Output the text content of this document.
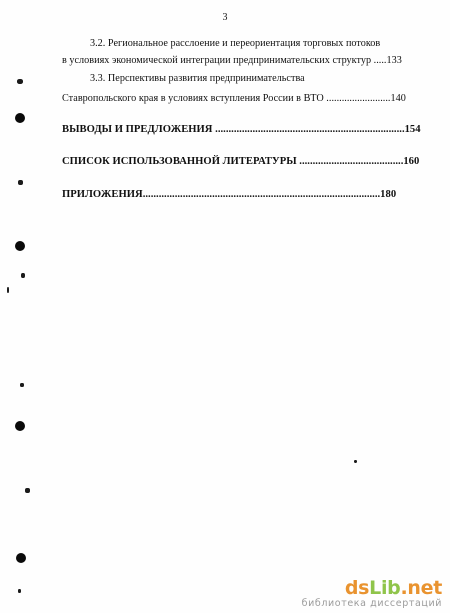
3
3.2. Региональное расслоение и переориентация торговых потоков
в условиях экономической интеграции предпринимательских структур .....133
3.3. Перспективы развития предпринимательства
Ставропольского края в условиях вступления России в ВТО .........................140
ВЫВОДЫ И ПРЕДЛОЖЕНИЯ .......................................................................154
СПИСОК ИСПОЛЬЗОВАННОЙ ЛИТЕРАТУРЫ .......................................160
ПРИЛОЖЕНИЯ.........................................................................................180
dsLib.net
библиотека диссертаций
